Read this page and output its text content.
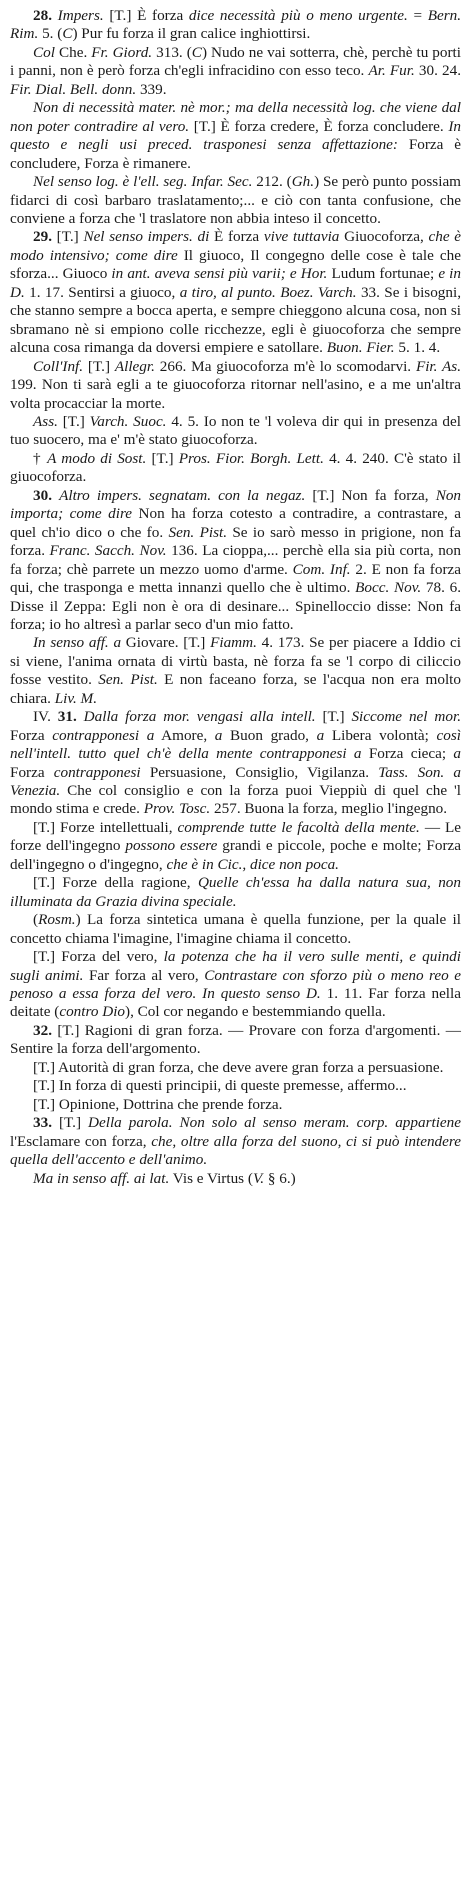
28. Impers. [T.] È forza dice necessità più o meno urgente. = Bern. Rim. 5. (C) Pur fu forza il gran calice inghiottirsi.
Col Che. Fr. Giord. 313. (C) Nudo ne vai sotterra, chè, perchè tu porti i panni, non è però forza ch'egli infracidino con esso teco. Ar. Fur. 30. 24. Fir. Dial. Bell. donn. 339.
Non di necessità mater. nè mor.; ma della necessità log. che viene dal non poter contradire al vero. [T.] È forza credere, È forza concludere. In questo e negli usi preced. trasponesi senza affettazione: Forza è concludere, Forza è rimanere.
Nel senso log. è l'ell. seg. Infar. Sec. 212. (Gh.) Se però punto possiam fidarci di così barbaro traslatamento;... e ciò con tanta confusione, che conviene a forza che 'l traslatore non abbia inteso il concetto.
29. [T.] Nel senso impers. di È forza vive tuttavia Giuocoforza, che è modo intensivo; come dire Il giuoco, Il congegno delle cose è tale che sforza... Giuoco in ant. aveva sensi più varii; e Hor. Ludum fortunae; e in D. 1. 17. Sentirsi a giuoco, a tiro, al punto. Boez. Varch. 33. Se i bisogni, che stanno sempre a bocca aperta, e sempre chieggono alcuna cosa, non si sbramano nè si empiono colle ricchezze, egli è giuocoforza che sempre alcuna cosa rimanga da doversi empiere e satollare. Buon. Fier. 5. 1. 4.
Coll'Inf. [T.] Allegr. 266. Ma giuocoforza m'è lo scomodarvi. Fir. As. 199. Non ti sarà egli a te giuocoforza ritornar nell'asino, e a me un'altra volta procacciar la morte.
Ass. [T.] Varch. Suoc. 4. 5. Io non te 'l voleva dir qui in presenza del tuo suocero, ma e' m'è stato giuocoforza.
† A modo di Sost. [T.] Pros. Fior. Borgh. Lett. 4. 4. 240. C'è stato il giuocoforza.
30. Altro impers. segnatam. con la negaz. [T.] Non fa forza, Non importa; come dire Non ha forza cotesto a contradire, a contrastare, a quel ch'io dico o che fo. Sen. Pist. Se io sarò messo in prigione, non fa forza. Franc. Sacch. Nov. 136. La cioppa,... perchè ella sia più corta, non fa forza; chè parrete un mezzo uomo d'arme. Com. Inf. 2. E non fa forza qui, che trasponga e metta innanzi quello che è ultimo. Bocc. Nov. 78. 6. Disse il Zeppa: Egli non è ora di desinare... Spinelloccio disse: Non fa forza; io ho altresì a parlar seco d'un mio fatto.
In senso aff. a Giovare. [T.] Fiamm. 4. 173. Se per piacere a Iddio ci si viene, l'anima ornata di virtù basta, nè forza fa se 'l corpo di ciliccio fosse vestito. Sen. Pist. E non faceano forza, se l'acqua non era molto chiara. Liv. M.
IV. 31. Dalla forza mor. vengasi alla intell. [T.] Siccome nel mor. Forza contrapponesi a Amore, a Buon grado, a Libera volontà; così nell'intell. tutto quel ch'è della mente contrapponesi a Forza cieca; a Forza contrapponesi Persuasione, Consiglio, Vigilanza. Tass. Son. a Venezia. Che col consiglio e con la forza puoi Vieppiù di quel che 'l mondo stima e crede. Prov. Tosc. 257. Buona la forza, meglio l'ingegno.
[T.] Forze intellettuali, comprende tutte le facoltà della mente. — Le forze dell'ingegno possono essere grandi e piccole, poche e molte; Forza dell'ingegno o d'ingegno, che è in Cic., dice non poca.
[T.] Forze della ragione, Quelle ch'essa ha dalla natura sua, non illuminata da Grazia divina speciale.
(Rosm.) La forza sintetica umana è quella funzione, per la quale il concetto chiama l'imagine, l'imagine chiama il concetto.
[T.] Forza del vero, la potenza che ha il vero sulle menti, e quindi sugli animi. Far forza al vero, Contrastare con sforzo più o meno reo e penoso a essa forza del vero. In questo senso D. 1. 11. Far forza nella deitate (contro Dio), Col cor negando e bestemmiando quella.
32. [T.] Ragioni di gran forza. — Provare con forza d'argomenti. — Sentire la forza dell'argomento.
[T.] Autorità di gran forza, che deve avere gran forza a persuasione.
[T.] In forza di questi principii, di queste premesse, affermo...
[T.] Opinione, Dottrina che prende forza.
33. [T.] Della parola. Non solo al senso meram. corp. appartiene l'Esclamare con forza, che, oltre alla forza del suono, ci si può intendere quella dell'accento e dell'animo.
Ma in senso aff. ai lat. Vis e Virtus (V. § 6.)
